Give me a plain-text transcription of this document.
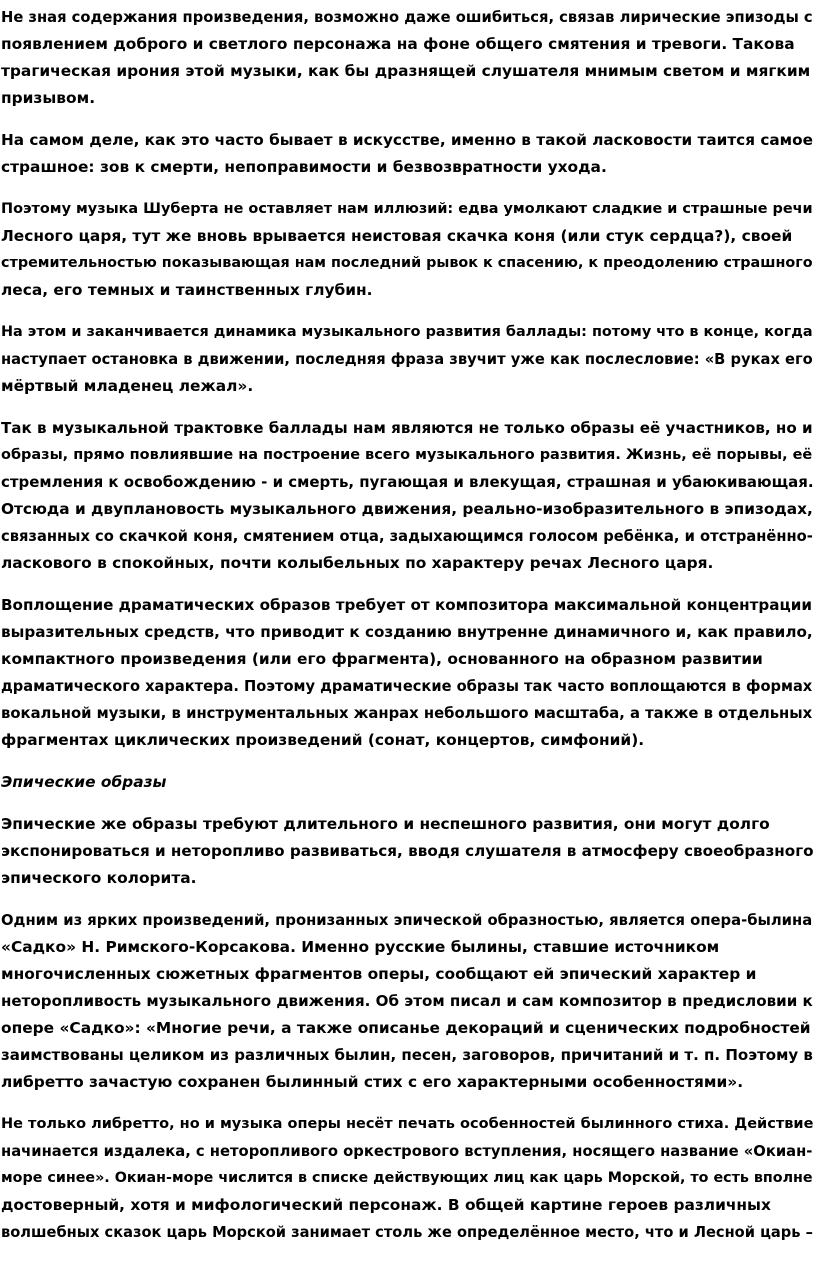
Не зная содержания произведения, возможно даже ошибиться, связав лирические эпизоды с
появлением доброго и светлого персонажа на фоне общего смятения и тревоги. Такова
трагическая ирония этой музыки, как бы дразнящей слушателя мнимым светом и мягким
призывом.
На самом деле, как это часто бывает в искусстве, именно в такой ласковости таится самое
страшное: зов к смерти, непоправимости и безвозвратности ухода.
Поэтому музыка Шуберта не оставляет нам иллюзий: едва умолкают сладкие и страшные речи
Лесного царя, тут же вновь врывается неистовая скачка коня (или стук сердца?), своей
стремительностью показывающая нам последний рывок к спасению, к преодолению страшного
леса, его темных и таинственных глубин.
На этом и заканчивается динамика музыкального развития баллады: потому что в конце, когда
наступает остановка в движении, последняя фраза звучит уже как послесловие: «В руках его
мёртвый младенец лежал».
Так в музыкальной трактовке баллады нам являются не только образы её участников, но и
образы, прямо повлиявшие на построение всего музыкального развития. Жизнь, её порывы, её
стремления к освобождению - и смерть, пугающая и влекущая, страшная и убаюкивающая.
Отсюда и двуплановость музыкального движения, реально-изобразительного в эпизодах,
связанных со скачкой коня, смятением отца, задыхающимся голосом ребёнка, и отстранённо-
ласкового в спокойных, почти колыбельных по характеру речах Лесного царя.
Воплощение драматических образов требует от композитора максимальной концентрации
выразительных средств, что приводит к созданию внутренне динамичного и, как правило,
компактного произведения (или его фрагмента), основанного на образном развитии
драматического характера. Поэтому драматические образы так часто воплощаются в формах
вокальной музыки, в инструментальных жанрах небольшого масштаба, а также в отдельных
фрагментах циклических произведений (сонат, концертов, симфоний).
Эпические образы
Эпические же образы требуют длительного и неспешного развития, они могут долго
экспонироваться и неторопливо развиваться, вводя слушателя в атмосферу своеобразного
эпического колорита.
Одним из ярких произведений, пронизанных эпической образностью, является опера-былина
«Садко» Н. Римского-Корсакова. Именно русские былины, ставшие источником
многочисленных сюжетных фрагментов оперы, сообщают ей эпический характер и
неторопливость музыкального движения. Об этом писал и сам композитор в предисловии к
опере «Садко»: «Многие речи, а также описанье декораций и сценических подробностей
заимствованы целиком из различных былин, песен, заговоров, причитаний и т. п. Поэтому в
либретто зачастую сохранен былинный стих с его характерными особенностями».
Не только либретто, но и музыка оперы несёт печать особенностей былинного стиха. Действие
начинается издалека, с неторопливого оркестрового вступления, носящего название «Окиан-
море синее». Окиан-море числится в списке действующих лиц как царь Морской, то есть вполне
достоверный, хотя и мифологический персонаж. В общей картине героев различных
волшебных сказок царь Морской занимает столь же определённое место, что и Лесной царь –
